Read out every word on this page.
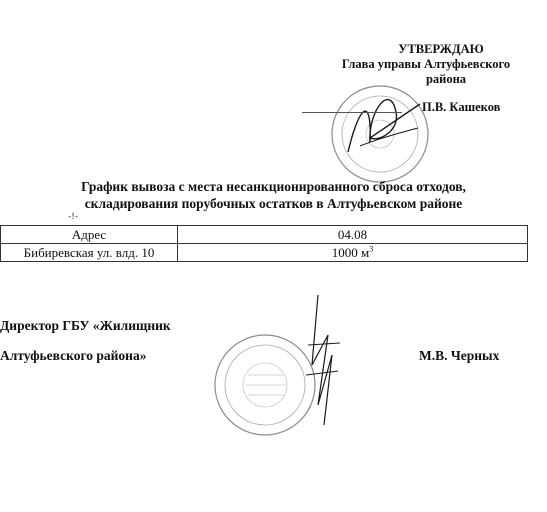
УТВЕРЖДАЮ
Глава управы Алтуфьевского
района
П.В. Кашеков
График вывоза с места несанкционированного сброса отходов,
складирования порубочных остатков в Алтуфьевском районе
-!-
Адрес	04.08
Бибиревская ул. влд. 10	1000 $м^3$
Директор ГБУ «Жилищник
Алтуфьевского района»	М.В. Черных
